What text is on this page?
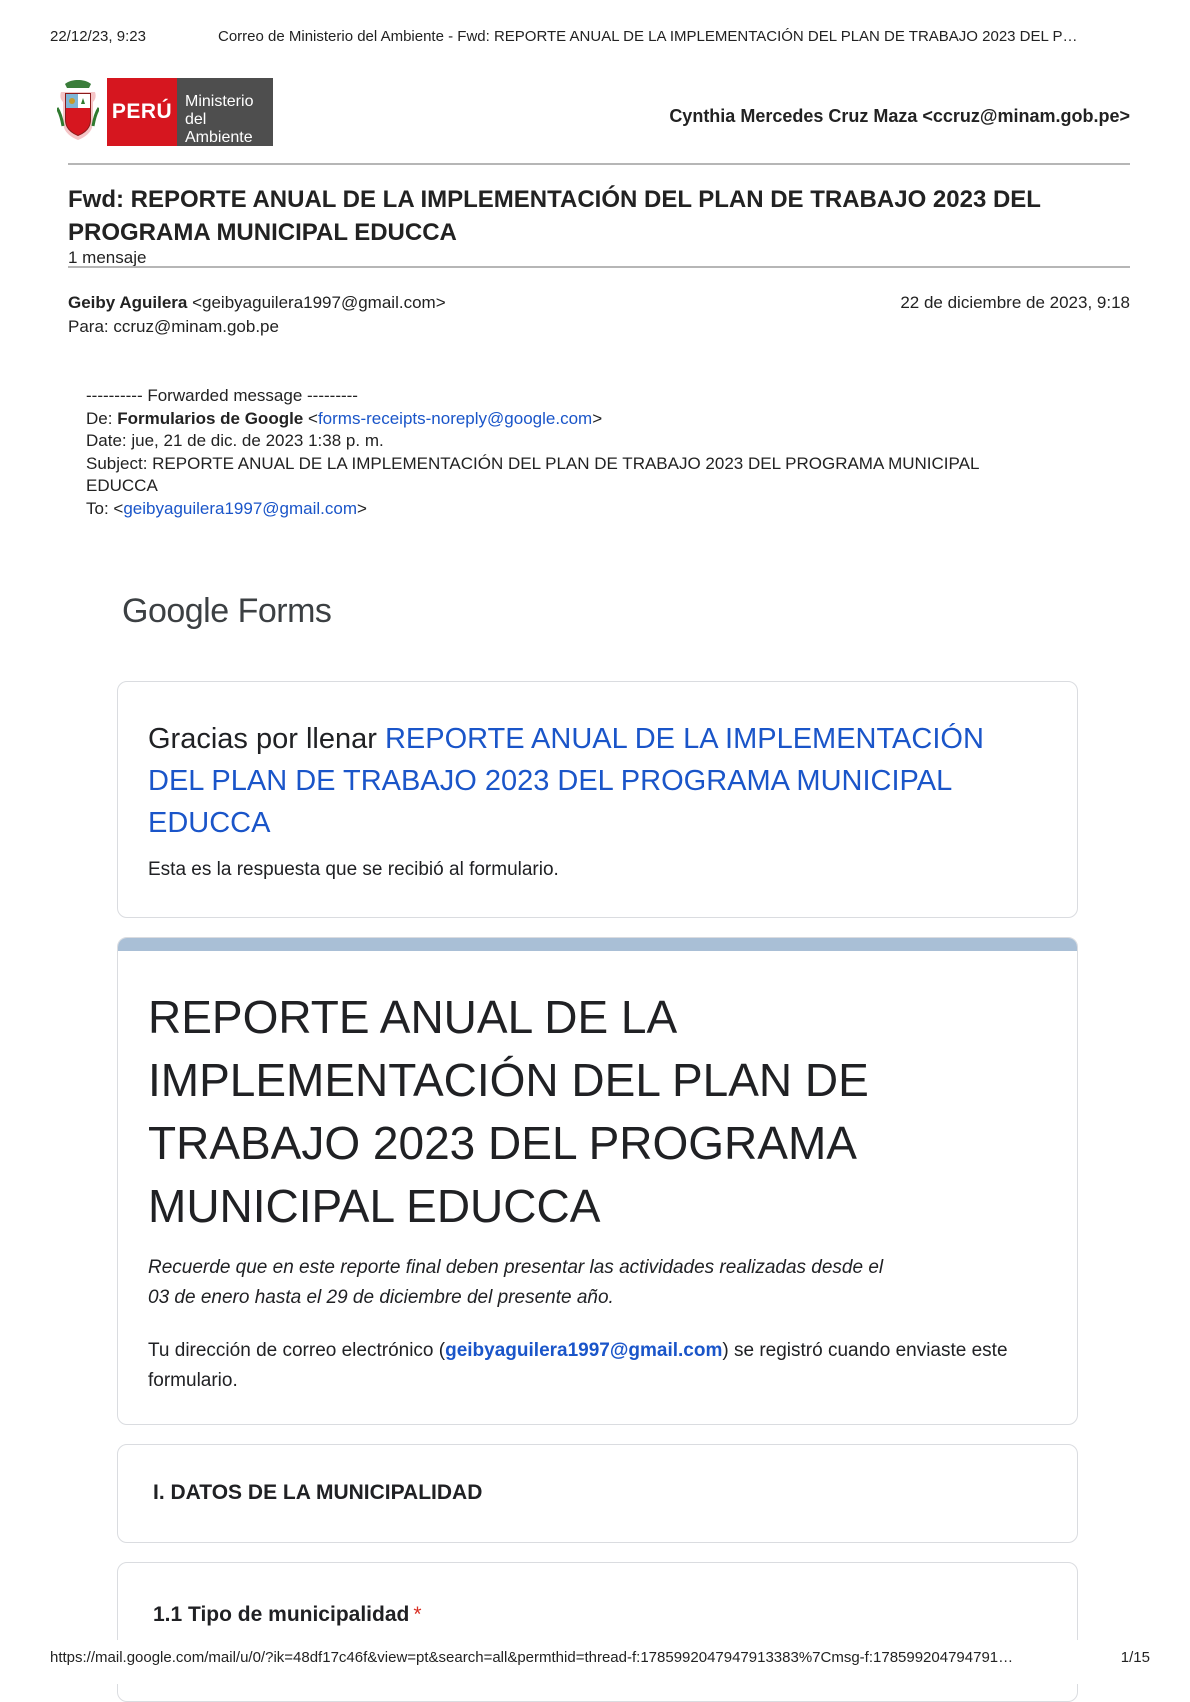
22/12/23, 9:23	Correo de Ministerio del Ambiente - Fwd: REPORTE ANUAL DE LA IMPLEMENTACIÓN DEL PLAN DE TRABAJO 2023 DEL P…
PERÚ Ministerio
del Ambiente
Cynthia Mercedes Cruz Maza <ccruz@minam.gob.pe>
Fwd: REPORTE ANUAL DE LA IMPLEMENTACIÓN DEL PLAN DE TRABAJO 2023 DEL PROGRAMA MUNICIPAL EDUCCA
1 mensaje
Geiby Aguilera <geibyaguilera1997@gmail.com>	22 de diciembre de 2023, 9:18
Para: ccruz@minam.gob.pe
---------- Forwarded message ---------
De: Formularios de Google <forms-receipts-noreply@google.com>
Date: jue, 21 de dic. de 2023 1:38 p. m.
Subject: REPORTE ANUAL DE LA IMPLEMENTACIÓN DEL PLAN DE TRABAJO 2023 DEL PROGRAMA MUNICIPAL EDUCCA
To: <geibyaguilera1997@gmail.com>
Google Forms
Gracias por llenar REPORTE ANUAL DE LA IMPLEMENTACIÓN DEL PLAN DE TRABAJO 2023 DEL PROGRAMA MUNICIPAL EDUCCA
Esta es la respuesta que se recibió al formulario.
REPORTE ANUAL DE LA IMPLEMENTACIÓN DEL PLAN DE TRABAJO 2023 DEL PROGRAMA MUNICIPAL EDUCCA
Recuerde que en este reporte final deben presentar las actividades realizadas desde el 03 de enero hasta el 29 de diciembre del presente año.
Tu dirección de correo electrónico (geibyaguilera1997@gmail.com) se registró cuando enviaste este formulario.
I. DATOS DE LA MUNICIPALIDAD
1.1 Tipo de municipalidad *
https://mail.google.com/mail/u/0/?ik=48df17c46f&view=pt&search=all&permthid=thread-f:1785992047947913383%7Cmsg-f:178599204794791…	1/15
